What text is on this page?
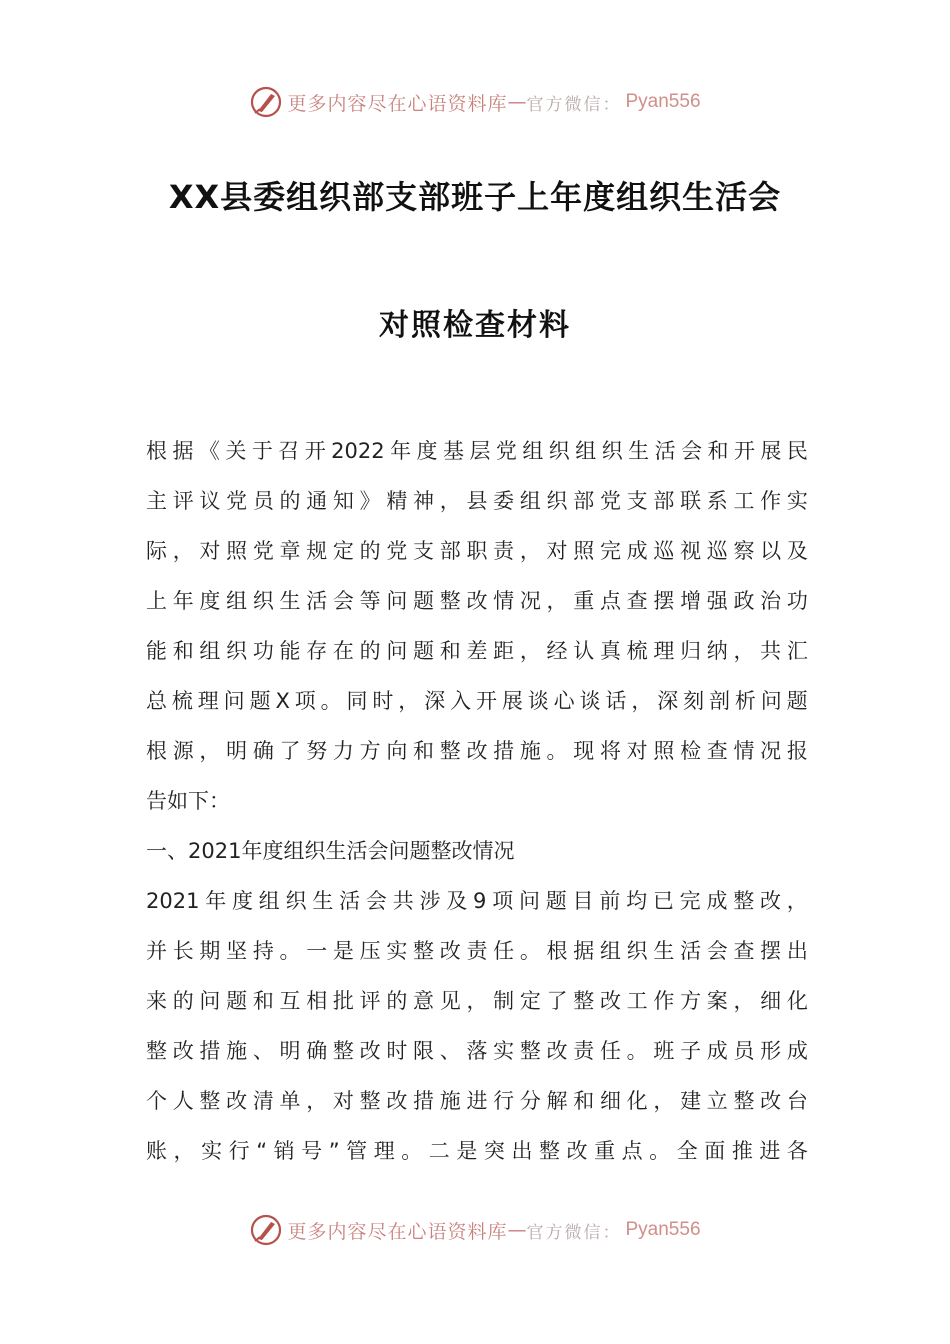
更多内容尽在心语资料库 — 官方微信： Pyan556
XX县委组织部支部班子上年度组织生活会
对照检查材料
根 据 《 关 于 召 开 2022 年 度 基 层 党 组 织 组 织 生 活 会 和 开 展 民
主 评 议 党 员 的 通 知 》 精 神 ， 县 委 组 织 部 党 支 部 联 系 工 作 实
际 ， 对 照 党 章 规 定 的 党 支 部 职 责 ， 对 照 完 成 巡 视 巡 察 以 及
上 年 度 组 织 生 活 会 等 问 题 整 改 情 况 ， 重 点 查 摆 增 强 政 治 功
能 和 组 织 功 能 存 在 的 问 题 和 差 距 ， 经 认 真 梳 理 归 纳 ， 共 汇
总 梳 理 问 题 X 项 。 同 时 ， 深 入 开 展 谈 心 谈 话 ， 深 刻 剖 析 问 题
根 源 ， 明 确 了 努 力 方 向 和 整 改 措 施 。 现 将 对 照 检 查 情 况 报
告如下：
一、2021年度组织生活会问题整改情况
2021 年 度 组 织 生 活 会 共 涉 及 9 项 问 题 目 前 均 已 完 成 整 改 ，
并 长 期 坚 持 。 一 是 压 实 整 改 责 任 。 根 据 组 织 生 活 会 查 摆 出
来 的 问 题 和 互 相 批 评 的 意 见 ， 制 定 了 整 改 工 作 方 案 ， 细 化
整 改 措 施 、 明 确 整 改 时 限 、 落 实 整 改 责 任 。 班 子 成 员 形 成
个 人 整 改 清 单 ， 对 整 改 措 施 进 行 分 解 和 细 化 ， 建 立 整 改 台
账 ， 实 行 “ 销 号 ” 管 理 。 二 是 突 出 整 改 重 点 。 全 面 推 进 各
更多内容尽在心语资料库 — 官方微信： Pyan556
